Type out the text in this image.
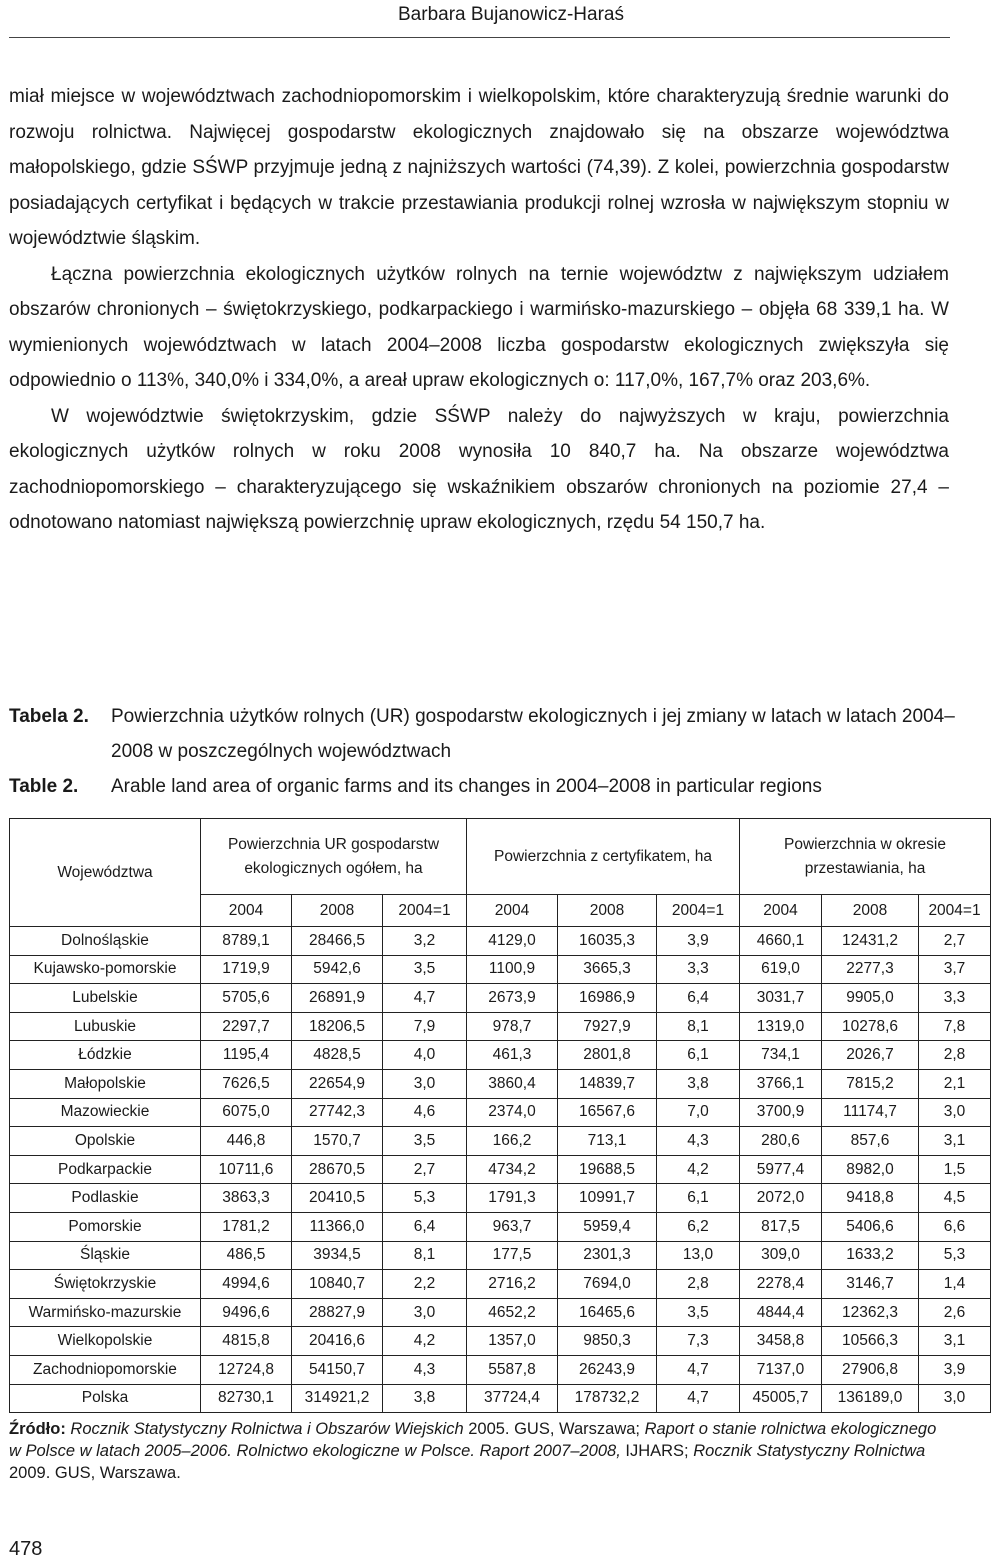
Barbara Bujanowicz-Haraś

miał miejsce w województwach zachodniopomorskim i wielkopolskim, które charakteryzują średnie warunki do rozwoju rolnictwa. Najwięcej gospodarstw ekologicznych znajdowało się na obszarze województwa małopolskiego, gdzie SŚWP przyjmuje jedną z najniższych wartości (74,39). Z kolei, powierzchnia gospodarstw posiadających certyfikat i będących w trakcie przestawiania produkcji rolnej wzrosła w największym stopniu w województwie śląskim.

Łączna powierzchnia ekologicznych użytków rolnych na ternie województw z największym udziałem obszarów chronionych – świętokrzyskiego, podkarpackiego i warmińsko-mazurskiego – objęła 68 339,1 ha. W wymienionych województwach w latach 2004–2008 liczba gospodarstw ekologicznych zwiększyła się odpowiednio o 113%, 340,0% i 334,0%, a areał upraw ekologicznych o: 117,0%, 167,7% oraz 203,6%.

W województwie świętokrzyskim, gdzie SŚWP należy do najwyższych w kraju, powierzchnia ekologicznych użytków rolnych w roku 2008 wynosiła 10 840,7 ha. Na obszarze województwa zachodniopomorskiego – charakteryzującego się wskaźnikiem obszarów chronionych na poziomie 27,4 – odnotowano natomiast największą powierzchnię upraw ekologicznych, rzędu 54 150,7 ha.

Tabela 2. Powierzchnia użytków rolnych (UR) gospodarstw ekologicznych i jej zmiany w latach w latach 2004–2008 w poszczególnych województwach
Table 2. Arable land area of organic farms and its changes in 2004–2008 in particular regions
Województwa	Powierzchnia UR gospodarstw ekologicznych ogółem, ha			Powierzchnia z certyfikatem, ha			Powierzchnia w okresie przestawiania, ha		
	2004	2008	2004=1	2004	2008	2004=1	2004	2008	2004=1
Dolnośląskie	8789,1	28466,5	3,2	4129,0	16035,3	3,9	4660,1	12431,2	2,7
Kujawsko-pomorskie	1719,9	5942,6	3,5	1100,9	3665,3	3,3	619,0	2277,3	3,7
Lubelskie	5705,6	26891,9	4,7	2673,9	16986,9	6,4	3031,7	9905,0	3,3
Lubuskie	2297,7	18206,5	7,9	978,7	7927,9	8,1	1319,0	10278,6	7,8
Łódzkie	1195,4	4828,5	4,0	461,3	2801,8	6,1	734,1	2026,7	2,8
Małopolskie	7626,5	22654,9	3,0	3860,4	14839,7	3,8	3766,1	7815,2	2,1
Mazowieckie	6075,0	27742,3	4,6	2374,0	16567,6	7,0	3700,9	11174,7	3,0
Opolskie	446,8	1570,7	3,5	166,2	713,1	4,3	280,6	857,6	3,1
Podkarpackie	10711,6	28670,5	2,7	4734,2	19688,5	4,2	5977,4	8982,0	1,5
Podlaskie	3863,3	20410,5	5,3	1791,3	10991,7	6,1	2072,0	9418,8	4,5
Pomorskie	1781,2	11366,0	6,4	963,7	5959,4	6,2	817,5	5406,6	6,6
Śląskie	486,5	3934,5	8,1	177,5	2301,3	13,0	309,0	1633,2	5,3
Świętokrzyskie	4994,6	10840,7	2,2	2716,2	7694,0	2,8	2278,4	3146,7	1,4
Warmińsko-mazurskie	9496,6	28827,9	3,0	4652,2	16465,6	3,5	4844,4	12362,3	2,6
Wielkopolskie	4815,8	20416,6	4,2	1357,0	9850,3	7,3	3458,8	10566,3	3,1
Zachodniopomorskie	12724,8	54150,7	4,3	5587,8	26243,9	4,7	7137,0	27906,8	3,9
Polska	82730,1	314921,2	3,8	37724,4	178732,2	4,7	45005,7	136189,0	3,0
Źródło: Rocznik Statystyczny Rolnictwa i Obszarów Wiejskich 2005. GUS, Warszawa; Raport o stanie rolnictwa ekologicznego w Polsce w latach 2005–2006. Rolnictwo ekologiczne w Polsce. Raport 2007–2008, IJHARS; Rocznik Statystyczny Rolnictwa 2009. GUS, Warszawa.
478
